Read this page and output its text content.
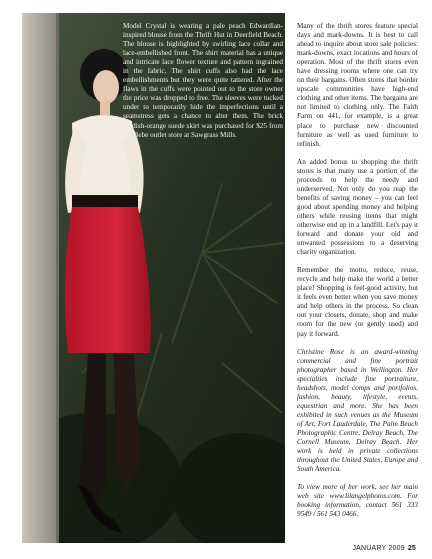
Model Crystal is wearing a pale peach Edwardian-inspired blouse from the Thrift Hut in Deerfield Beach. The blouse is highlighted by swirling lace collar and lace-embellished front. The shirt material has a unique and intricate lace flower texture and pattern ingrained in the fabric. The shirt cuffs also had the lace embellishments but they were quite tattered. After the flaws in the cuffs were pointed out to the store owner the price was dropped to free. The sleeves were tucked under to temporarily hide the imperfections until a seamstress gets a chance to alter them. The brick reddish-orange suede skirt was purchased for $25 from the Bebe outlet store at Sawgrass Mills.

Many of the thrift stores feature special days and mark-downs. It is best to call ahead to inquire about store sale policies: mark-downs, exact locations and hours of operation. Most of the thrift stores even have dressing rooms where one can try on their bargains. Often stores that border upscale communities have high-end clothing and other items. The bargains are not limited to clothing only. The Faith Farm on 441, for example, is a great place to purchase new discounted furniture as well as used furniture to refinish.

An added bonus to shopping the thrift stores is that many use a portion of the proceeds to help the needy and underserved. Not only do you reap the benefits of saving money – you can feel good about spending money and helping others while reusing items that might otherwise end up in a landfill. Let's pay it forward and donate your old and unwanted possessions to a deserving charity organization.

Remember the motto, reduce, reuse, recycle and help make the world a better place! Shopping is feel-good activity, but it feels even better when you save money and help others in the process. So clean out your closets, donate, shop and make room for the new (or gently used) and pay it forward.

Christine Rose is an award-winning commercial and fine portrait photographer based in Wellington. Her specialties include fine portraiture, headshots, model comps and portfolios, fashion, beauty, lifestyle, events, equestrian and more. She has been exhibited in such venues as the Museum of Art, Fort Lauderdale, The Palm Beach Photographic Centre, Delray Beach, The Cornell Museum, Delray Beach. Her work is held in private collections throughout the United States, Europe and South America.

To view more of her work, see her main web site www.lilangelphotos.com. For booking information, contact 561 333 9549 / 561 543 0466.

JANUARY 2009 25
